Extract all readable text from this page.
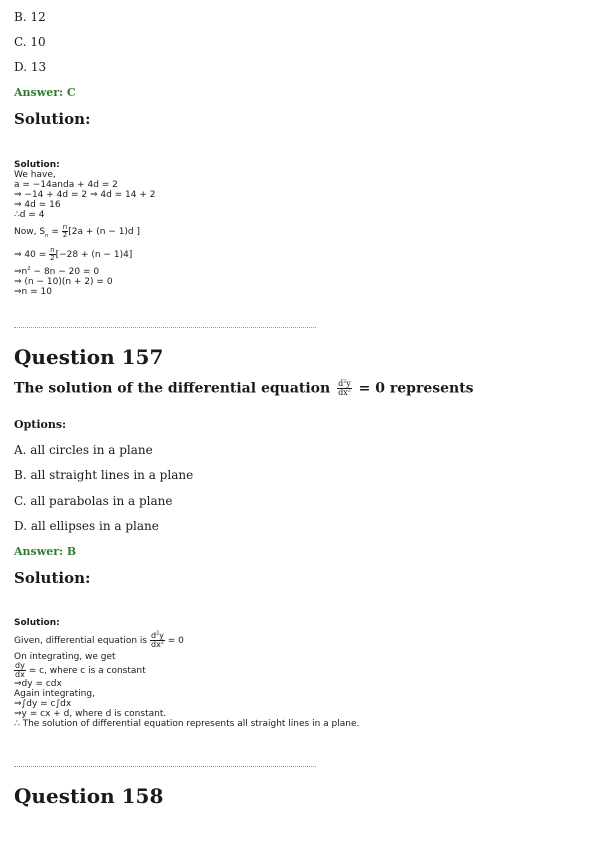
B. 12
C. 10
D. 13
Answer: C
Solution:
Solution:
We have,
a = −14anda + 4d = 2
⇒ −14 + 4d = 2 ⇒ 4d = 14 + 2
⇒ 4d = 16
∴d = 4
Now, $S_n = \frac{n}{2} [2a + (n - 1)d$ ]
⇒ $40 = \frac{n}{2} [-28 + (n - 1)4]$
$\Rightarrow n^2 - 8n - 20 = 0$
⇒ (n − 10)(n + 2) = 0
⇒n = 10
Question 157
The solution of the differential equation $\frac{d^2y}{dx^2} = 0$ represents
Options:
A. all circles in a plane
B. all straight lines in a plane
C. all parabolas in a plane
D. all ellipses in a plane
Answer: B
Solution:
Solution:
Given, differential equation is $\frac{d^2y}{dx^2} = 0$
On integrating, we get
$\frac{dy}{dx} = c$, where c is a constant
⇒dy = cdx
Again integrating,
⇒∫dy = c∫dx
⇒y = cx + d, where d is constant.
∴ The solution of differential equation represents all straight lines in a plane.
Question 158
